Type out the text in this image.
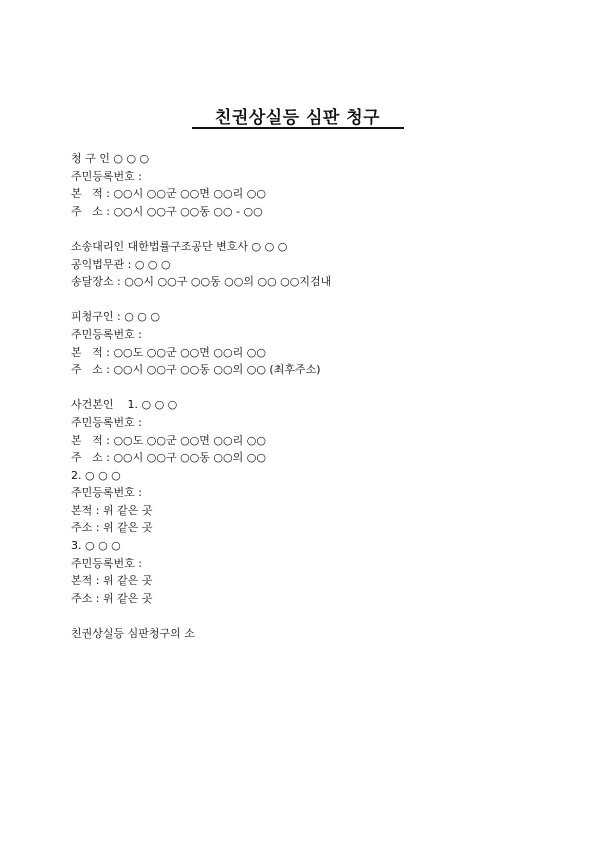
친권상실등 심판 청구
청 구 인 ○ ○ ○
주민등록번호 :
본   적 : ○○시 ○○군 ○○면 ○○리 ○○
주   소 : ○○시 ○○구 ○○동 ○○ - ○○
소송대리인 대한법률구조공단 변호사 ○ ○ ○
공익법무관 : ○ ○ ○
송달장소 : ○○시 ○○구 ○○동 ○○의 ○○ ○○지검내
피청구인 : ○ ○ ○
주민등록번호 :
본   적 : ○○도 ○○군 ○○면 ○○리 ○○
주   소 : ○○시 ○○구 ○○동 ○○의 ○○ (최후주소)
사건본인    1. ○ ○ ○
주민등록번호 :
본   적 : ○○도 ○○군 ○○면 ○○리 ○○
주   소 : ○○시 ○○구 ○○동 ○○의 ○○
2. ○ ○ ○
주민등록번호 :
본적 : 위 같은 곳
주소 : 위 같은 곳
3. ○ ○ ○
주민등록번호 :
본적 : 위 같은 곳
주소 : 위 같은 곳
친권상실등 심판청구의 소
